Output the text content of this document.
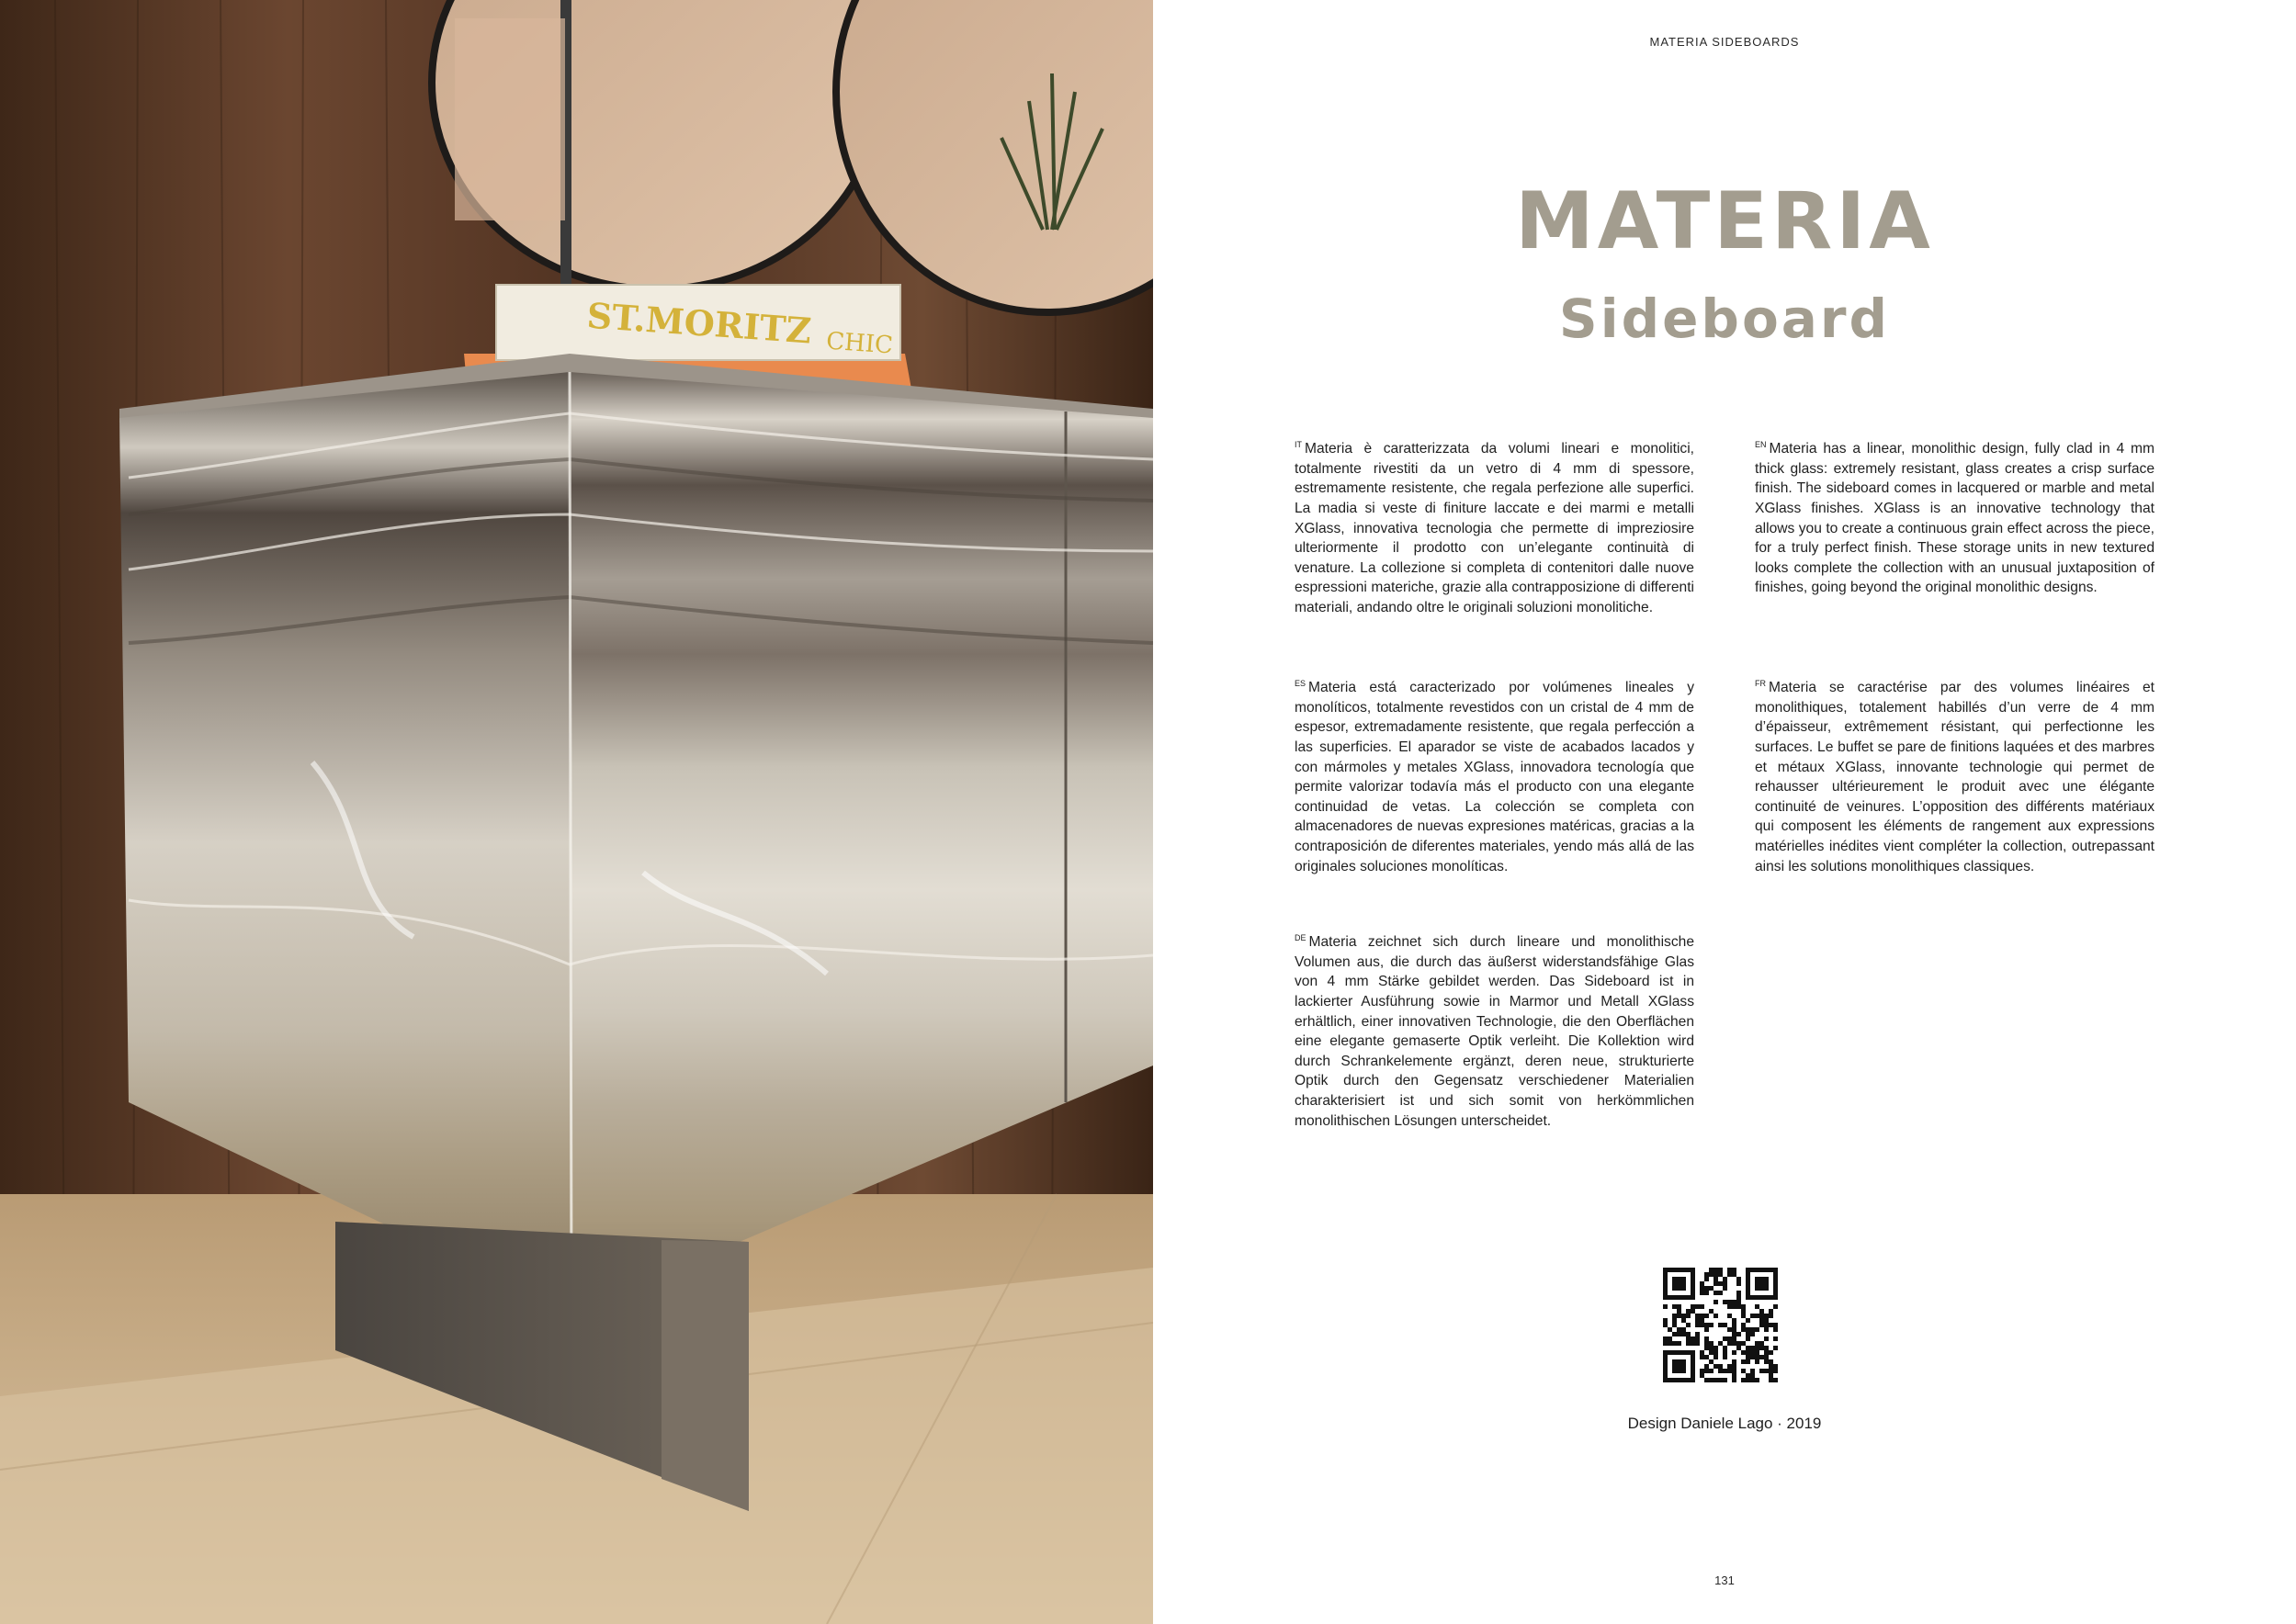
ST.MORITZ CHIC
MATERIA SIDEBOARDS
MATERIA
Sideboard

$^{IT}$ Materia è caratterizzata da volumi lineari e monolitici, totalmente rivestiti da un vetro di 4 mm di spessore, estremamente resistente, che regala perfezione alle superfici. La madia si veste di finiture laccate e dei marmi e metalli XGlass, innovativa tecnologia che permette di impreziosire ulteriormente il prodotto con un’elegante continuità di venature. La collezione si completa di contenitori dalle nuove espressioni materiche, grazie alla contrapposizione di differenti materiali, andando oltre le originali soluzioni monolitiche.

$^{EN}$ Materia has a linear, monolithic design, fully clad in 4 mm thick glass: extremely resistant, glass creates a crisp surface finish. The sideboard comes in lacquered or marble and metal XGlass finishes. XGlass is an innovative technology that allows you to create a continuous grain effect across the piece, for a truly perfect finish. These storage units in new textured looks complete the collection with an unusual juxtaposition of finishes, going beyond the original monolithic designs.

$^{ES}$ Materia está caracterizado por volúmenes lineales y monolíticos, totalmente revestidos con un cristal de 4 mm de espesor, extremadamente resistente, que regala perfección a las superficies. El aparador se viste de acabados lacados y con mármoles y metales XGlass, innovadora tecnología que permite valorizar todavía más el producto con una elegante continuidad de vetas. La colección se completa con almacenadores de nuevas expresiones matéricas, gracias a la contraposición de diferentes materiales, yendo más allá de las originales soluciones monolíticas.

$^{FR}$ Materia se caractérise par des volumes linéaires et monolithiques, totalement habillés d’un verre de 4 mm d’épaisseur, extrêmement résistant, qui perfectionne les surfaces. Le buffet se pare de finitions laquées et des marbres et métaux XGlass, innovante technologie qui permet de rehausser ultérieurement le produit avec une élégante continuité de veinures. L’opposition des différents matériaux qui composent les éléments de rangement aux expressions matérielles inédites vient compléter la collection, outrepassant ainsi les solutions monolithiques classiques.

$^{DE}$ Materia zeichnet sich durch lineare und monolithische Volumen aus, die durch das äußerst widerstandsfähige Glas von 4 mm Stärke gebildet werden. Das Sideboard ist in lackierter Ausführung sowie in Marmor und Metall XGlass erhältlich, einer innovativen Technologie, die den Oberflächen eine elegante gemaserte Optik verleiht. Die Kollektion wird durch Schrankelemente ergänzt, deren neue, strukturierte Optik durch den Gegensatz verschiedener Materialien charakterisiert ist und sich somit von herkömmlichen monolithischen Lösungen unterscheidet.

Design Daniele Lago · 2019
131
